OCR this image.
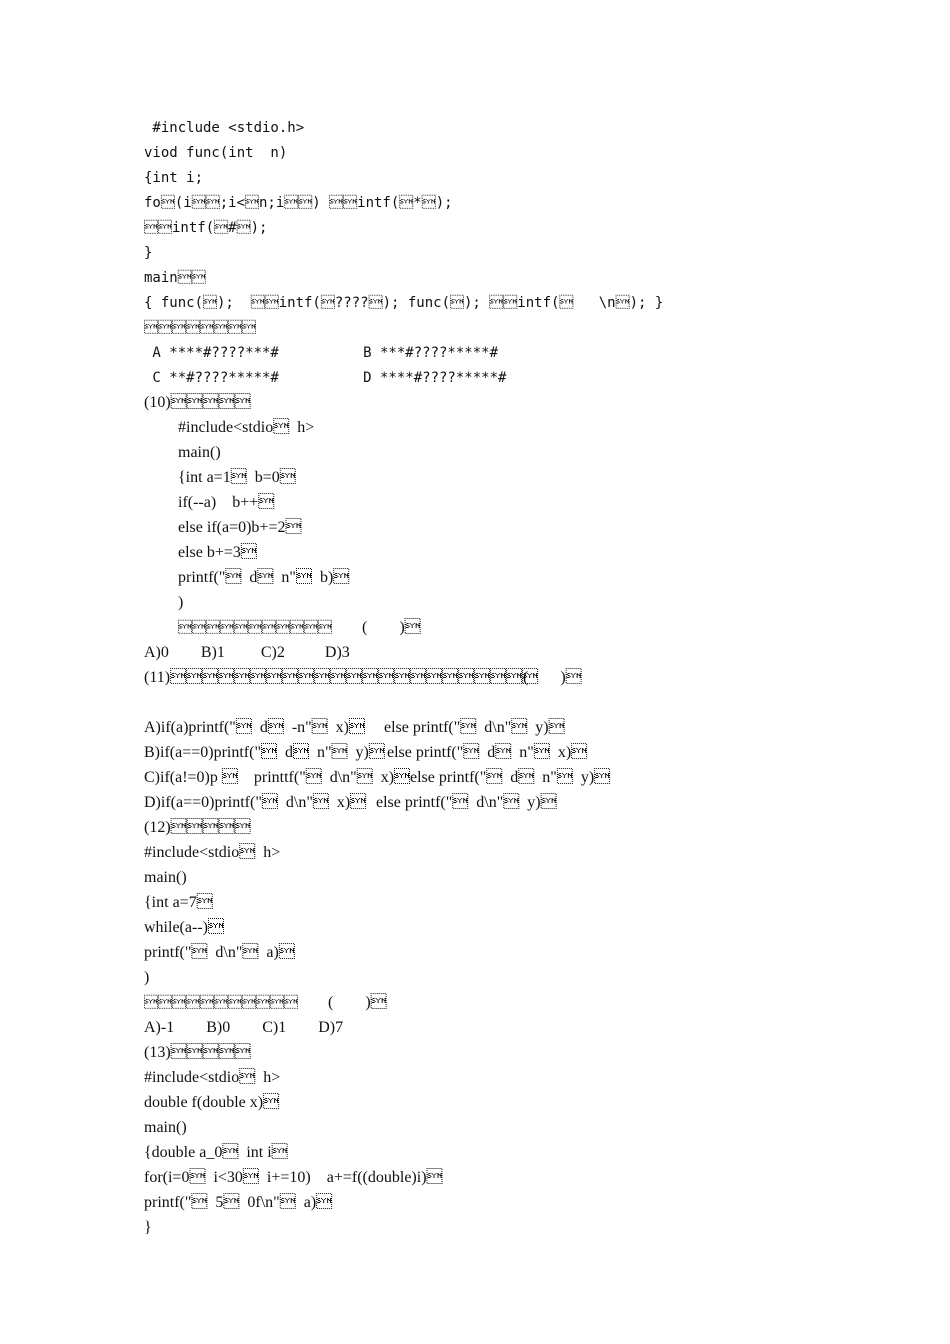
#include <stdio.h>
viod func(int  n)
{int i;
fo(i;i<n;i) intf(*);
intf(#);
}
main
{ func();  intf(????); func(); intf(   \n); }

A ****#????***#          B ***#????*****#
C **#????*****#          D ****#????*****#
(10)
#include<stdio  h>
main()
{int a=1  b=0
if(--a)    b++
else if(a=0)b+=2
else b+=3
printf("  d  n"  b)
)
 (        )
A)0        B)1         C)2          D)3
(11)
(        )
A)if(a)printf("  d  -n"  x) else printf("  d\n"  y)
B)if(a==0)printf("  d  n"  y) else printf("  d  n"  x)
C)if(a!=0)p     printtf("  d\n"  x) else printf("  d  n"  y)
D)if(a==0)printf("  d\n"  x) else printf("  d\n"  y)
(12)
#include<stdio  h>
main()
{int a=7
while(a--)
printf("  d\n"  a)
)
 (        )
A)-1        B)0        C)1        D)7
(13)
#include<stdio  h>
double f(double x)
main()
{double a_0  int i
for(i=0  i<30  i+=10)    a+=f((double)i)
printf("  5  0f\n"  a)
}
